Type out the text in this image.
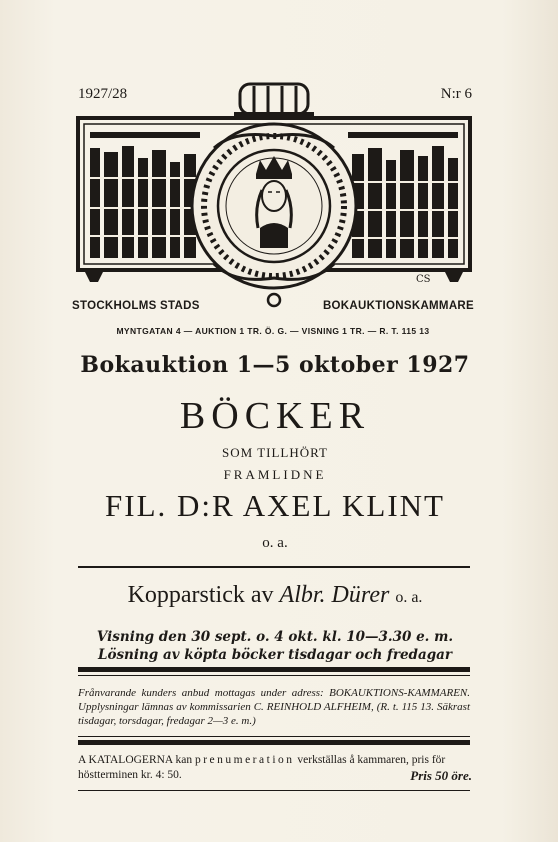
CS
1927/28	N:r 6
STOCKHOLMS STADS	BOKAUKTIONSKAMMARE
MYNTGATAN 4 — AUKTION 1 TR. Ö. G. — VISNING 1 TR. — R. T. 115 13
Bokauktion 1—5 oktober 1927
BÖCKER
SOM TILLHÖRT
FRAMLIDNE
FIL. D:R AXEL KLINT
o. a.
Kopparstick av Albr. Dürer o. a.
Visning den 30 sept. o. 4 okt. kl. 10—3.30 e. m.
Lösning av köpta böcker tisdagar och fredagar
Frånvarande kunders anbud mottagas under adress: BOKAUKTIONS-KAMMAREN. Upplysningar lämnas av kommissarien C. REINHOLD ALFHEIM, (R. t. 115 13. Säkrast tisdagar, torsdagar, fredagar 2—3 e. m.)
A KATALOGERNA kan prenumeration verkställas å kammaren, pris för höstterminen kr. 4: 50.	Pris 50 öre.
